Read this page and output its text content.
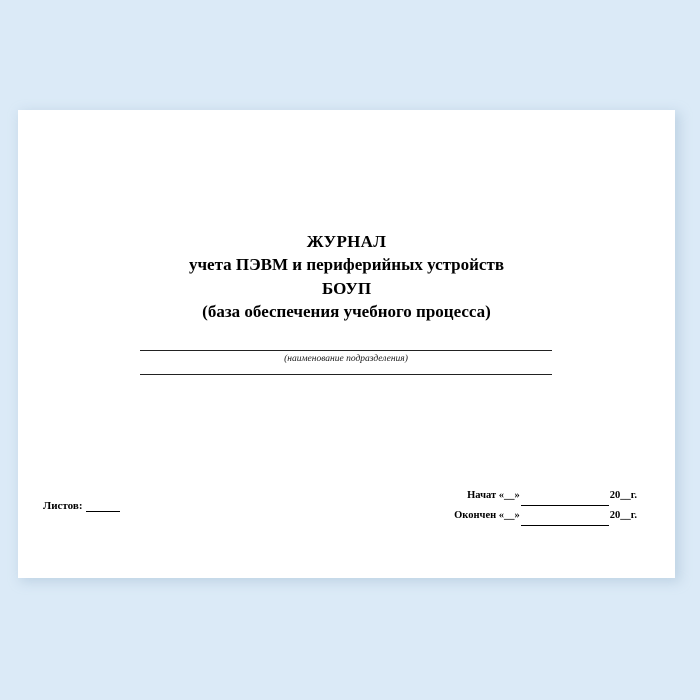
ЖУРНАЛ
учета ПЭВМ и периферийных устройств
БОУП
(база обеспечения учебного процесса)
(наименование подразделения)
Листов:
Начат «__»	20__г.
Окончен «__»	20__г.
